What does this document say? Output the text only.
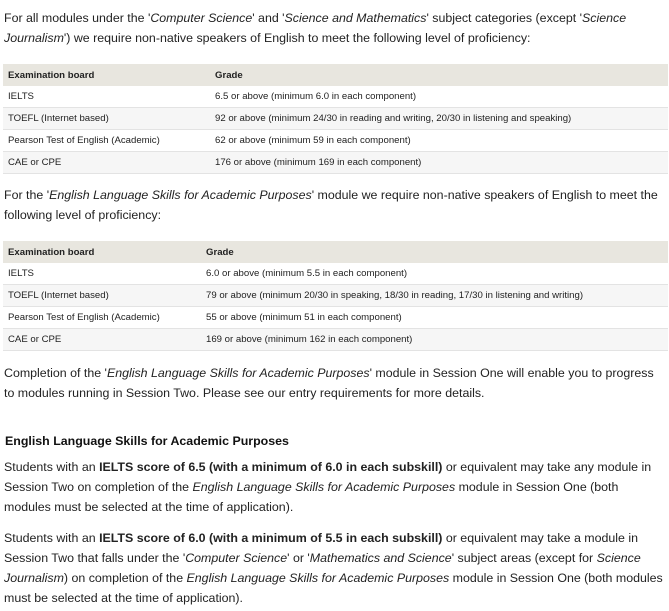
For all modules under the 'Computer Science' and 'Science and Mathematics' subject categories (except 'Science Journalism') we require non-native speakers of English to meet the following level of proficiency:

Examination board	Grade
IELTS	6.5 or above (minimum 6.0 in each component)
TOEFL (Internet based)	92 or above (minimum 24/30 in reading and writing, 20/30 in listening and speaking)
Pearson Test of English (Academic)	62 or above (minimum 59 in each component)
CAE or CPE	176 or above (minimum 169 in each component)

For the 'English Language Skills for Academic Purposes' module we require non-native speakers of English to meet the following level of proficiency:

Examination board	Grade
IELTS	6.0 or above (minimum 5.5 in each component)
TOEFL (Internet based)	79 or above (minimum 20/30 in speaking, 18/30 in reading, 17/30 in listening and writing)
Pearson Test of English (Academic)	55 or above (minimum 51 in each component)
CAE or CPE	169 or above (minimum 162 in each component)

Completion of the 'English Language Skills for Academic Purposes' module in Session One will enable you to progress to modules running in Session Two. Please see our entry requirements for more details.

English Language Skills for Academic Purposes

Students with an IELTS score of 6.5 (with a minimum of 6.0 in each subskill) or equivalent may take any module in Session Two on completion of the English Language Skills for Academic Purposes module in Session One (both modules must be selected at the time of application).

Students with an IELTS score of 6.0 (with a minimum of 5.5 in each subskill) or equivalent may take a module in Session Two that falls under the 'Computer Science' or 'Mathematics and Science' subject areas (except for Science Journalism) on completion of the English Language Skills for Academic Purposes module in Session One (both modules must be selected at the time of application).
